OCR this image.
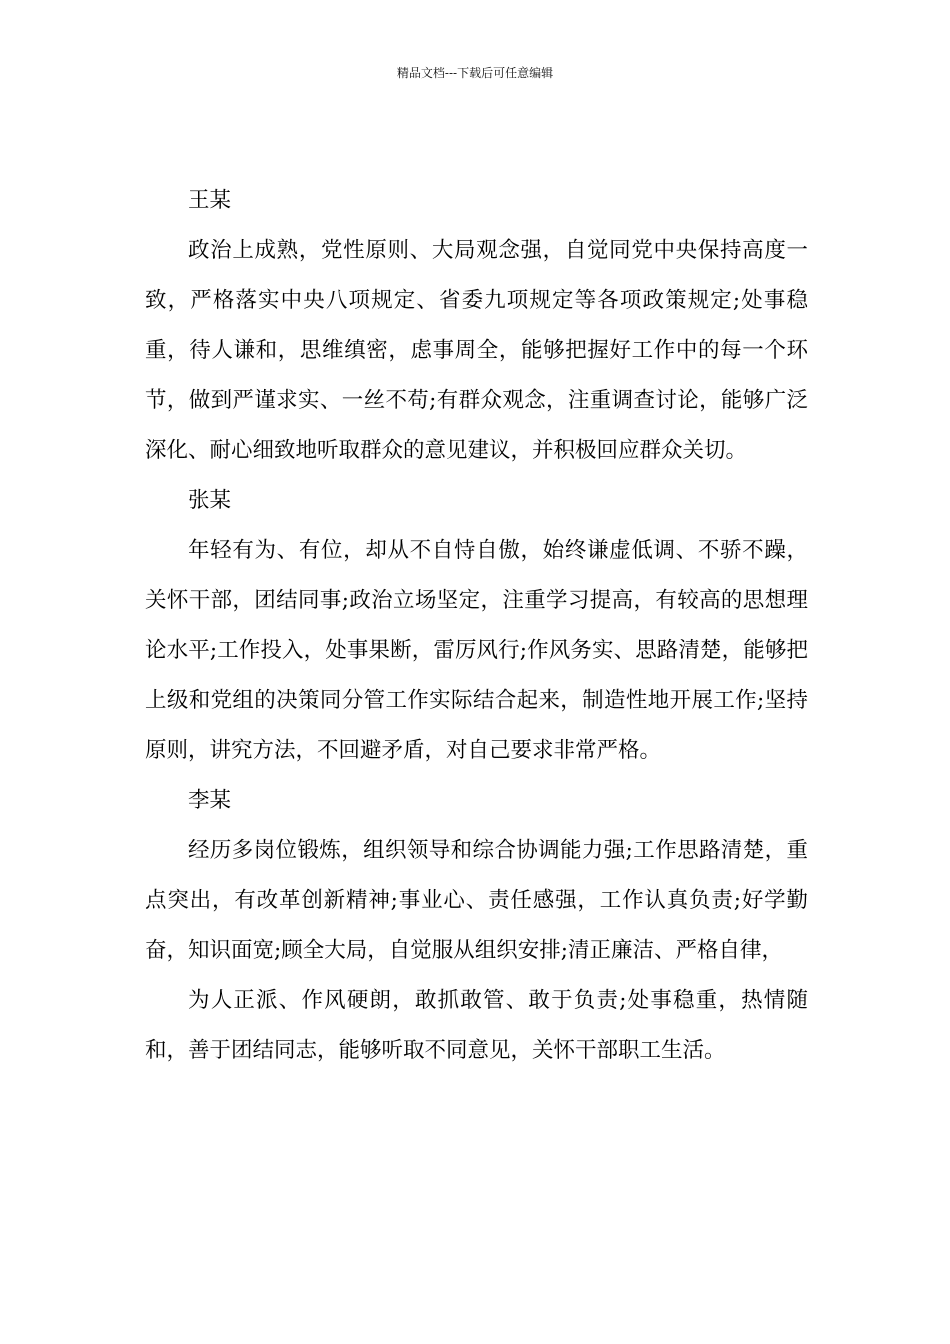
精品文档---下载后可任意编辑

王某

政治上成熟，党性原则、大局观念强，自觉同党中央保持高度一致，严格落实中央八项规定、省委九项规定等各项政策规定;处事稳重，待人谦和，思维缜密，虑事周全，能够把握好工作中的每一个环节，做到严谨求实、一丝不苟;有群众观念，注重调查讨论，能够广泛深化、耐心细致地听取群众的意见建议，并积极回应群众关切。

张某

年轻有为、有位，却从不自恃自傲，始终谦虚低调、不骄不躁，关怀干部，团结同事;政治立场坚定，注重学习提高，有较高的思想理论水平;工作投入，处事果断，雷厉风行;作风务实、思路清楚，能够把上级和党组的决策同分管工作实际结合起来，制造性地开展工作;坚持原则，讲究方法，不回避矛盾，对自己要求非常严格。

李某

经历多岗位锻炼，组织领导和综合协调能力强;工作思路清楚，重点突出，有改革创新精神;事业心、责任感强，工作认真负责;好学勤奋，知识面宽;顾全大局，自觉服从组织安排;清正廉洁、严格自律，

为人正派、作风硬朗，敢抓敢管、敢于负责;处事稳重，热情随和，善于团结同志，能够听取不同意见，关怀干部职工生活。
